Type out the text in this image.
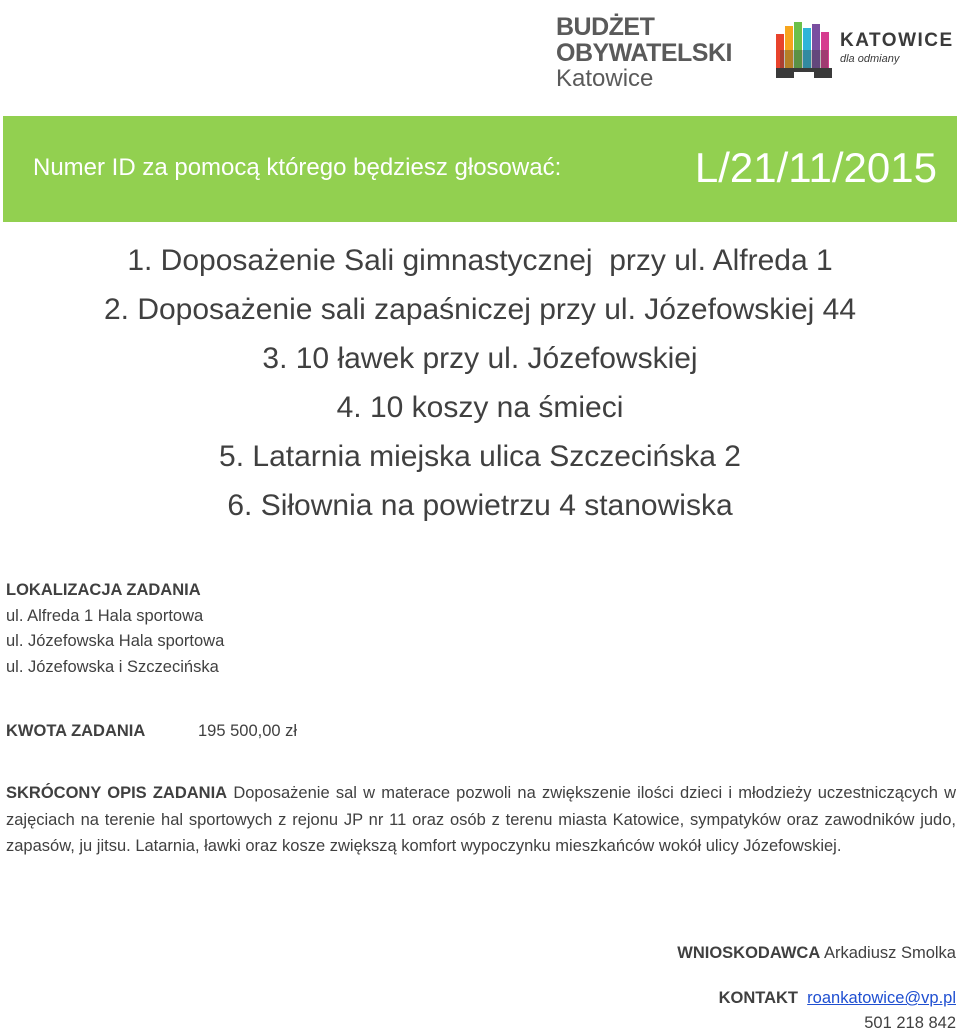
BUDŻET
OBYWATELSKI
Katowice
KATOWICE
dla odmiany
Numer ID za pomocą którego będziesz głosować:	L/21/11/2015
1. Doposażenie Sali gimnastycznej  przy ul. Alfreda 1
2. Doposażenie sali zapaśniczej przy ul. Józefowskiej 44
3. 10 ławek przy ul. Józefowskiej
4. 10 koszy na śmieci
5. Latarnia miejska ulica Szczecińska 2
6. Siłownia na powietrzu 4 stanowiska
LOKALIZACJA ZADANIA
ul. Alfreda 1 Hala sportowa
ul. Józefowska Hala sportowa
ul. Józefowska i Szczecińska
KWOTA ZADANIA	195 500,00 zł
SKRÓCONY OPIS ZADANIA Doposażenie sal w materace pozwoli na zwiększenie ilości dzieci i młodzieży uczestniczących w zajęciach na terenie hal sportowych z rejonu JP nr 11 oraz osób z terenu miasta Katowice, sympatyków oraz zawodników judo, zapasów, ju jitsu. Latarnia, ławki oraz kosze zwiększą komfort wypoczynku mieszkańców wokół ulicy Józefowskiej.
WNIOSKODAWCA Arkadiusz Smolka
KONTAKT roankatowice@vp.pl
501 218 842
